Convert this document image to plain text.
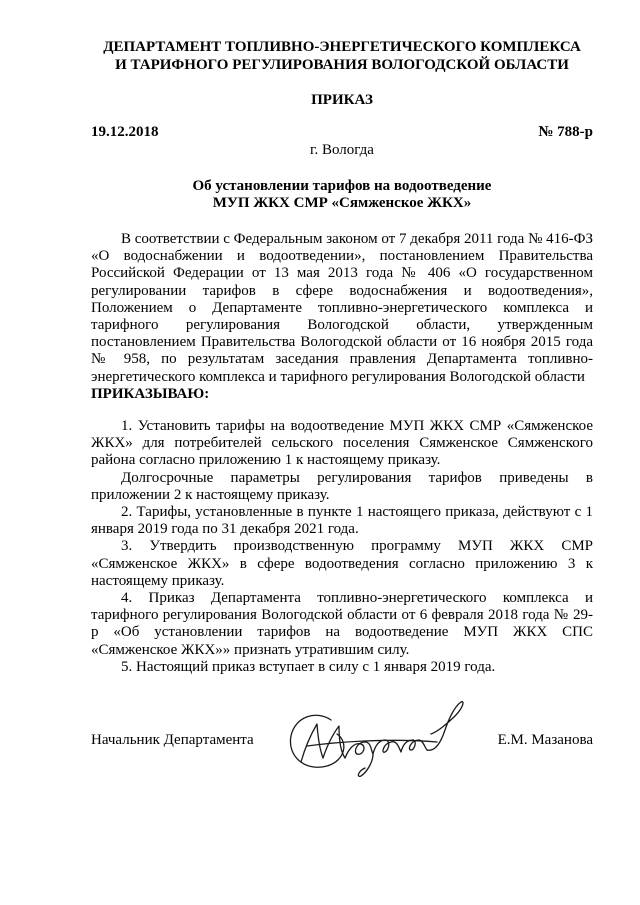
ДЕПАРТАМЕНТ ТОПЛИВНО-ЭНЕРГЕТИЧЕСКОГО КОМПЛЕКСА
И ТАРИФНОГО РЕГУЛИРОВАНИЯ ВОЛОГОДСКОЙ ОБЛАСТИ
ПРИКАЗ
19.12.2018	№ 788-р
г. Вологда
Об установлении тарифов на водоотведение
МУП ЖКХ СМР «Сямженское ЖКХ»

В соответствии с Федеральным законом от 7 декабря 2011 года № 416-ФЗ «О водоснабжении и водоотведении», постановлением Правительства Российской Федерации от 13 мая 2013 года № 406 «О государственном регулировании тарифов в сфере водоснабжения и водоотведения», Положением о Департаменте топливно-энергетического комплекса и тарифного регулирования Вологодской области, утвержденным постановлением Правительства Вологодской области от 16 ноября 2015 года № 958, по результатам заседания правления Департамента топливно-энергетического комплекса и тарифного регулирования Вологодской области

ПРИКАЗЫВАЮ:

1. Установить тарифы на водоотведение МУП ЖКХ СМР «Сямженское ЖКХ» для потребителей сельского поселения Сямженское Сямженского района согласно приложению 1 к настоящему приказу.

Долгосрочные параметры регулирования тарифов приведены в приложении 2 к настоящему приказу.

2. Тарифы, установленные в пункте 1 настоящего приказа, действуют с 1 января 2019 года по 31 декабря 2021 года.

3. Утвердить производственную программу МУП ЖКХ СМР «Сямженское ЖКХ» в сфере водоотведения согласно приложению 3 к настоящему приказу.

4. Приказ Департамента топливно-энергетического комплекса и тарифного регулирования Вологодской области от 6 февраля 2018 года № 29-р «Об установлении тарифов на водоотведение МУП ЖКХ СПС «Сямженское ЖКХ»» признать утратившим силу.

5. Настоящий приказ вступает в силу с 1 января 2019 года.

Начальник Департамента	Е.М. Мазанова
